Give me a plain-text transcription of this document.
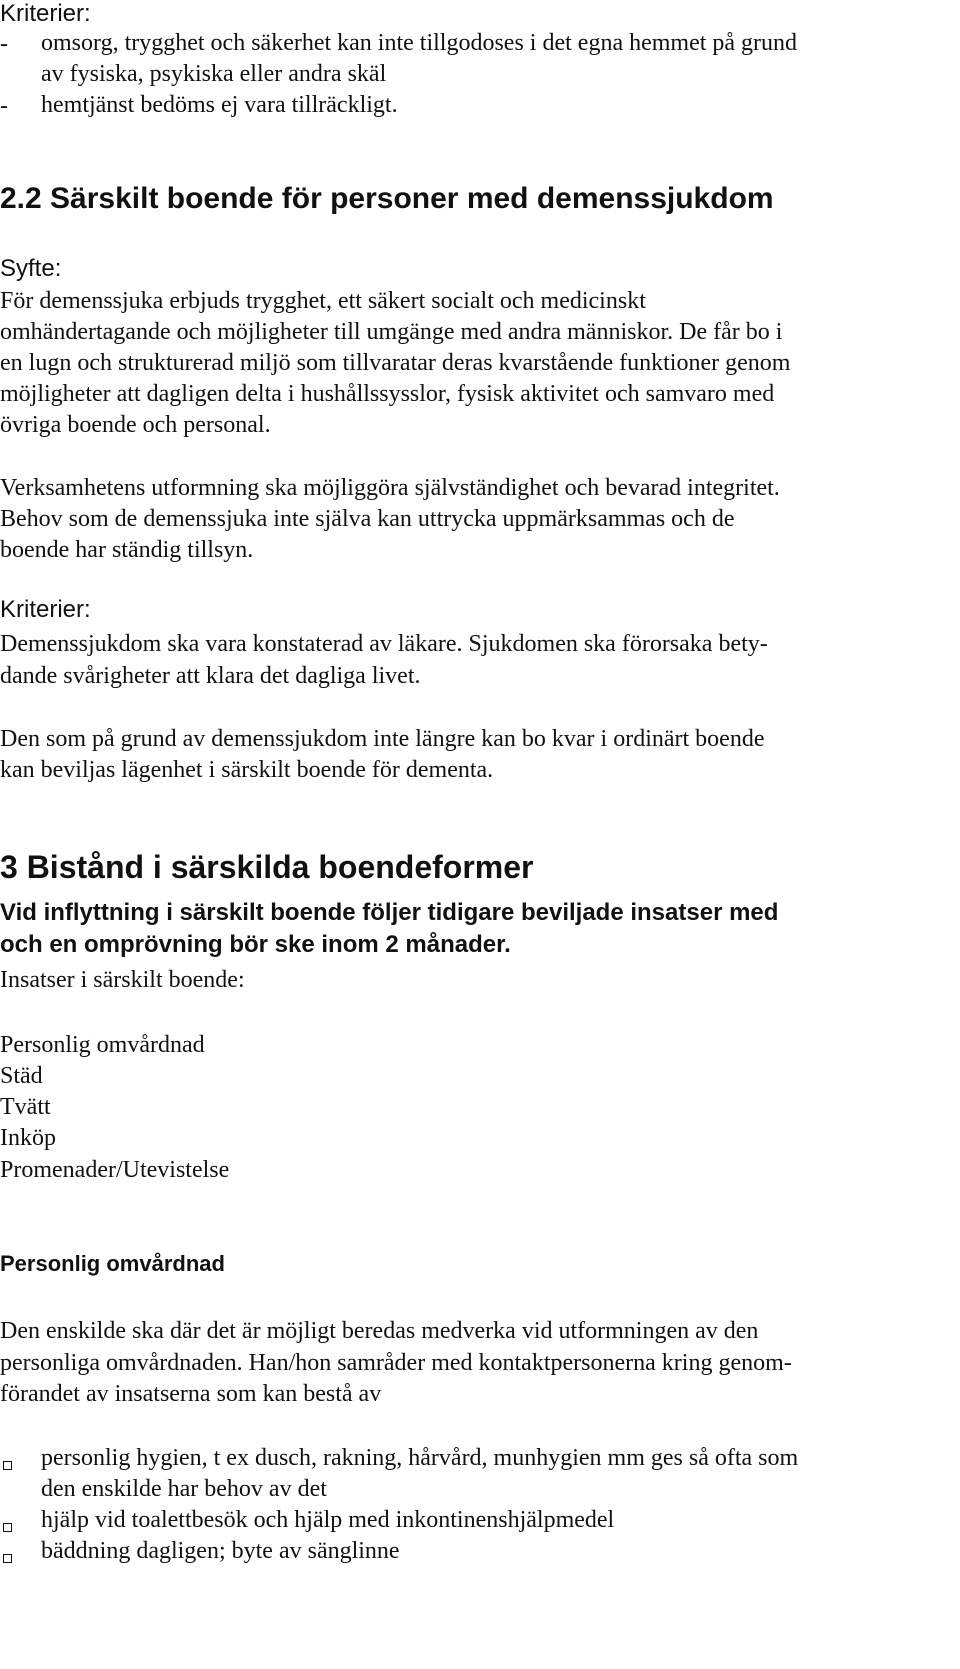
Kriterier:
- omsorg, trygghet och säkerhet kan inte tillgodoses i det egna hemmet på grund
av fysiska, psykiska eller andra skäl
- hemtjänst bedöms ej vara tillräckligt.
2.2 Särskilt boende för personer med demenssjukdom
Syfte:
För demenssjuka erbjuds trygghet, ett säkert socialt och medicinskt
omhändertagande och möjligheter till umgänge med andra människor. De får bo i
en lugn och strukturerad miljö som tillvaratar deras kvarstående funktioner genom
möjligheter att dagligen delta i hushållssysslor, fysisk aktivitet och samvaro med
övriga boende och personal.
Verksamhetens utformning ska möjliggöra självständighet och bevarad integritet.
Behov som de demenssjuka inte själva kan uttrycka uppmärksammas och de
boende har ständig tillsyn.
Kriterier:
Demenssjukdom ska vara konstaterad av läkare. Sjukdomen ska förorsaka bety-
dande svårigheter att klara det dagliga livet.
Den som på grund av demenssjukdom inte längre kan bo kvar i ordinärt boende
kan beviljas lägenhet i särskilt boende för dementa.
3 Bistånd i särskilda boendeformer
Vid inflyttning i särskilt boende följer tidigare beviljade insatser med
och en omprövning bör ske inom 2 månader.
Insatser i särskilt boende:
Personlig omvårdnad
Städ
Tvätt
Inköp
Promenader/Utevistelse
Personlig omvårdnad
Den enskilde ska där det är möjligt beredas medverka vid utformningen av den
personliga omvårdnaden. Han/hon samråder med kontaktpersonerna kring genom-
förandet av insatserna som kan bestå av
personlig hygien, t ex dusch, rakning, hårvård, munhygien mm ges så ofta som
den enskilde har behov av det
hjälp vid toalettbesök och hjälp med inkontinenshjälpmedel
bäddning dagligen; byte av sänglinne
